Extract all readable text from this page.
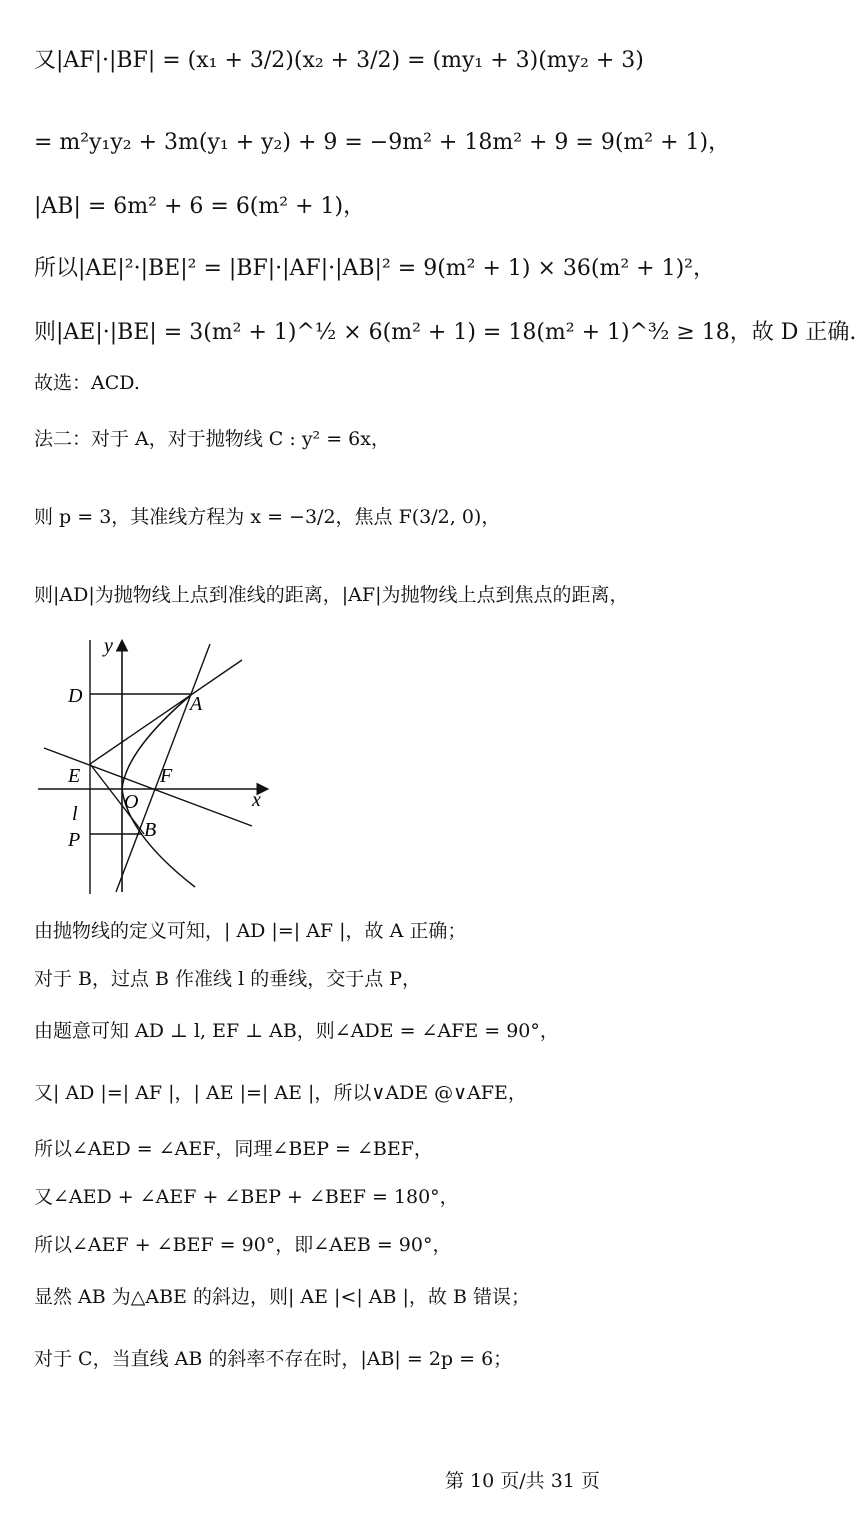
又|AF|·|BF| = (x₁ + 3/2)(x₂ + 3/2) = (my₁ + 3)(my₂ + 3)
= m²y₁y₂ + 3m(y₁ + y₂) + 9 = −9m² + 18m² + 9 = 9(m² + 1)，
|AB| = 6m² + 6 = 6(m² + 1)，
所以|AE|²·|BE|² = |BF|·|AF|·|AB|² = 9(m² + 1) × 36(m² + 1)²，
则|AE|·|BE| = 3(m² + 1)^½ × 6(m² + 1) = 18(m² + 1)^³⁄₂ ≥ 18，故 D 正确.
故选：ACD.
法二：对于 A，对于抛物线 C : y² = 6x，
则 p = 3，其准线方程为 x = −3/2，焦点 F(3/2, 0)，
则|AD|为抛物线上点到准线的距离，|AF|为抛物线上点到焦点的距离，
y
x
D	A
E	F
l
O
P	B
由抛物线的定义可知，| AD |=| AF |，故 A 正确；
对于 B，过点 B 作准线 l 的垂线，交于点 P，
由题意可知 AD ⊥ l, EF ⊥ AB，则∠ADE = ∠AFE = 90°，
又| AD |=| AF |，| AE |=| AE |，所以∨ADE @∨AFE，
所以∠AED = ∠AEF，同理∠BEP = ∠BEF，
又∠AED + ∠AEF + ∠BEP + ∠BEF = 180°，
所以∠AEF + ∠BEF = 90°，即∠AEB = 90°，
显然 AB 为△ABE 的斜边，则| AE |<| AB |，故 B 错误；
对于 C，当直线 AB 的斜率不存在时，|AB| = 2p = 6；
第 10 页/共 31 页
